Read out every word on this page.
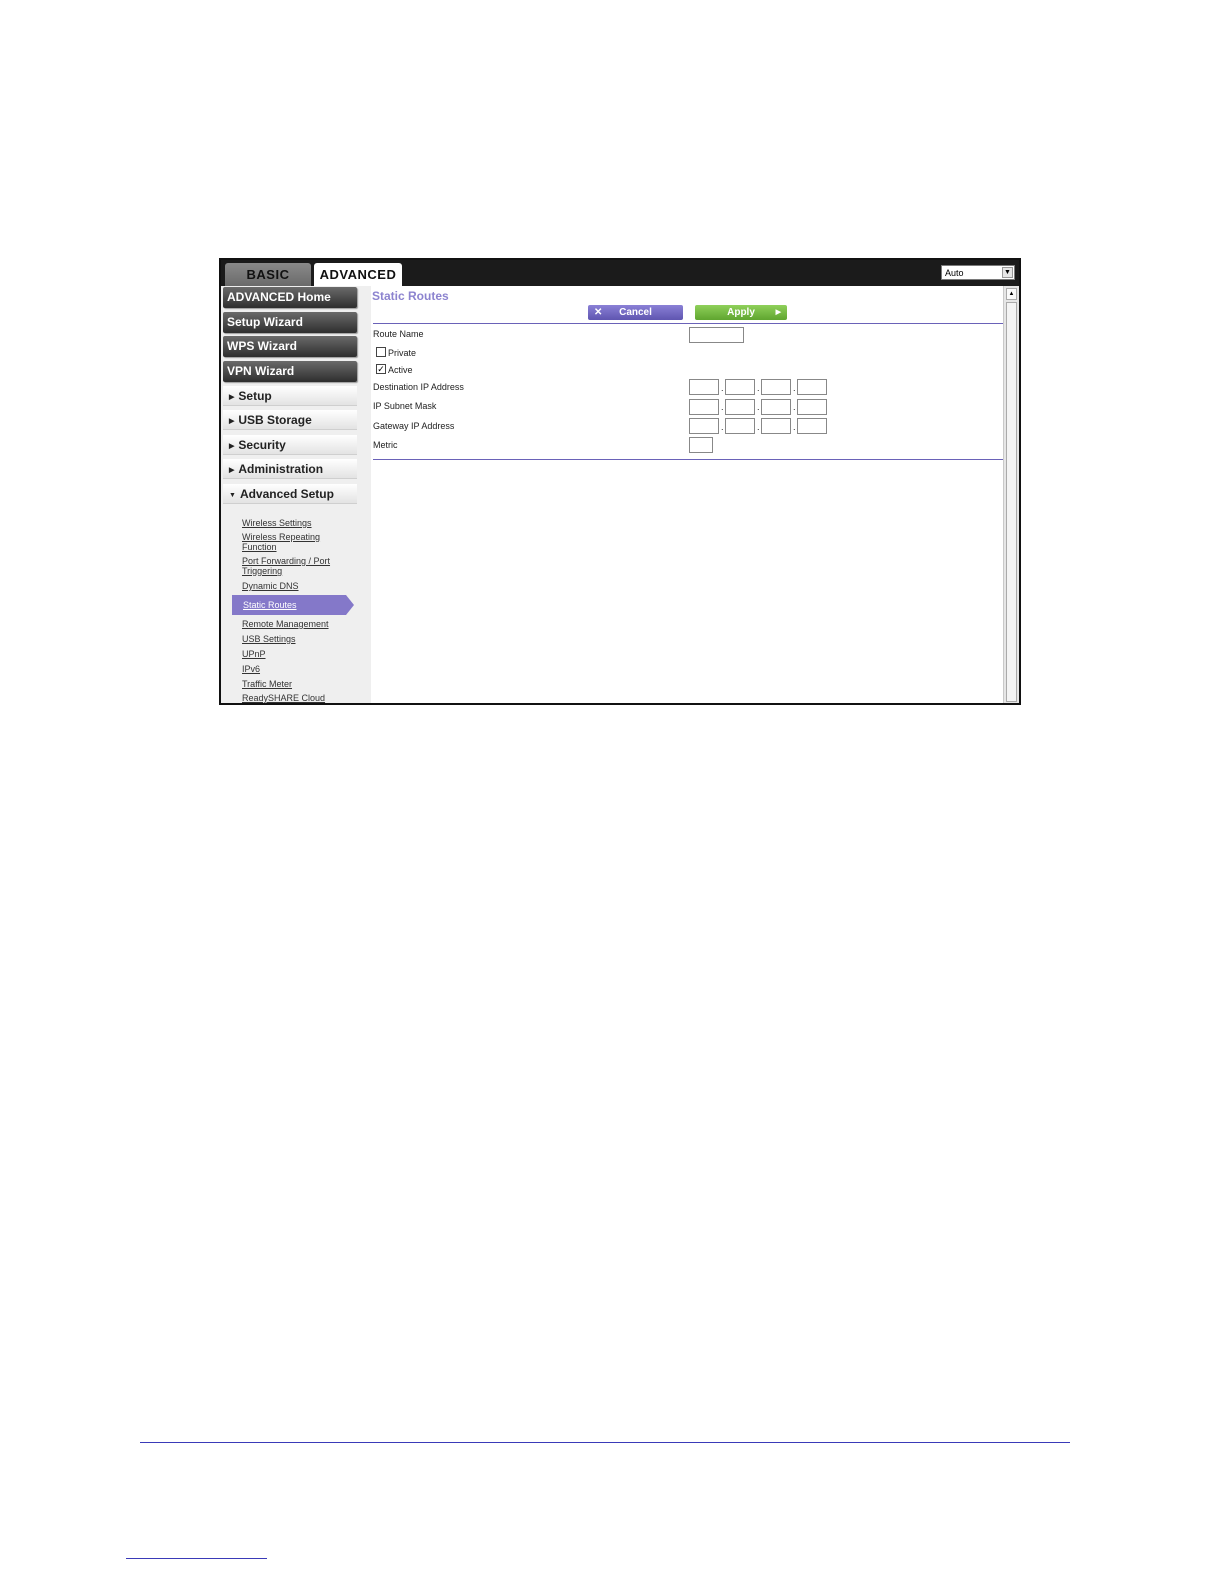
BASIC	ADVANCED	Auto	▼
ADVANCED Home
Setup Wizard
WPS Wizard
VPN Wizard
▶ Setup
▶ USB Storage
▶ Security
▶ Administration
▼ Advanced Setup
Wireless Settings
Wireless Repeating Function
Port Forwarding / Port Triggering
Dynamic DNS
Static Routes
Remote Management
USB Settings
UPnP
IPv6
Traffic Meter
ReadySHARE Cloud
Static Routes
✕ Cancel	Apply	▶
Route Name
Private
✓ Active
Destination IP Address	.	.	.
IP Subnet Mask	.	.	.
Gateway IP Address	.	.	.
Metric
▲
